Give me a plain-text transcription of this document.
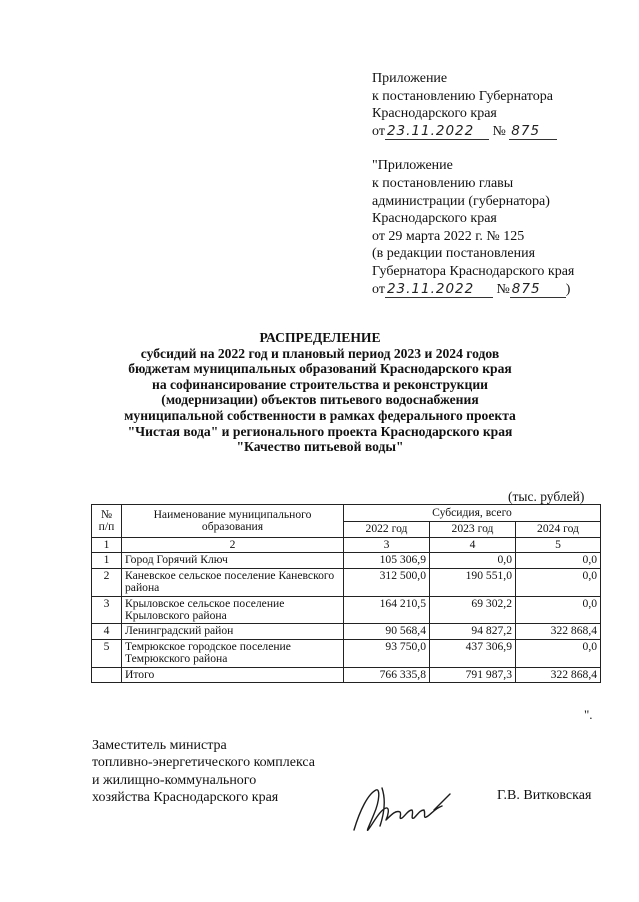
Приложение
к постановлению Губернатора
Краснодарского края
от 23.11.2022 № 875
"Приложение
к постановлению главы
администрации (губернатора)
Краснодарского края
от 29 марта 2022 г. № 125
(в редакции постановления
Губернатора Краснодарского края
от 23.11.2022 № 875 )
РАСПРЕДЕЛЕНИЕ
субсидий на 2022 год и плановый период 2023 и 2024 годов
бюджетам муниципальных образований Краснодарского края
на софинансирование строительства и реконструкции
(модернизации) объектов питьевого водоснабжения
муниципальной собственности в рамках федерального проекта
"Чистая вода" и регионального проекта Краснодарского края
"Качество питьевой воды"
(тыс. рублей)
№ п/п	Наименование муниципального образования	Субсидия, всего		
		2022 год	2023 год	2024 год
1	2	3	4	5
1	Город Горячий Ключ	105 306,9	0,0	0,0
2	Каневское сельское поселение Каневского района	312 500,0	190 551,0	0,0
3	Крыловское сельское поселение Крыловского района	164 210,5	69 302,2	0,0
4	Ленинградский район	90 568,4	94 827,2	322 868,4
5	Темрюкское городское поселение Темрюкского района	93 750,0	437 306,9	0,0
	Итого	766 335,8	791 987,3	322 868,4
".
Заместитель министра
топливно-энергетического комплекса
и жилищно-коммунального
хозяйства Краснодарского края	Г.В. Витковская
